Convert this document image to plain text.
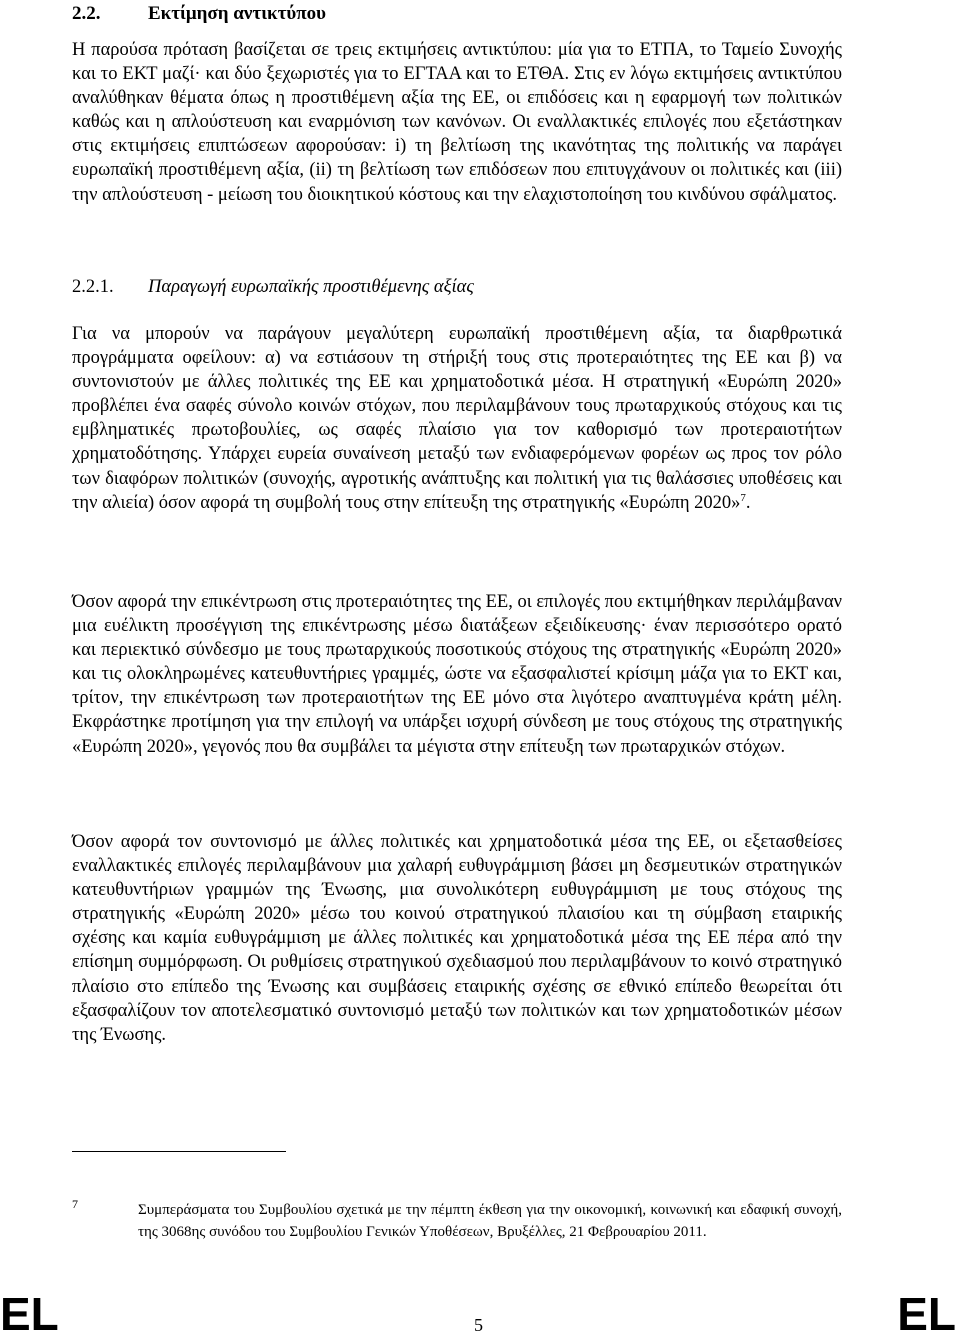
2.2.	Εκτίμηση αντικτύπου

Η παρούσα πρόταση βασίζεται σε τρεις εκτιμήσεις αντικτύπου: μία για το ΕΤΠΑ, το Ταμείο Συνοχής και το ΕΚΤ μαζί· και δύο ξεχωριστές για το ΕΓΤΑΑ και το ΕΤΘΑ. Στις εν λόγω εκτιμήσεις αντικτύπου αναλύθηκαν θέματα όπως η προστιθέμενη αξία της ΕΕ, οι επιδόσεις και η εφαρμογή των πολιτικών καθώς και η απλούστευση και εναρμόνιση των κανόνων. Οι εναλλακτικές επιλογές που εξετάστηκαν στις εκτιμήσεις επιπτώσεων αφορούσαν: i) τη βελτίωση της ικανότητας της πολιτικής να παράγει ευρωπαϊκή προστιθέμενη αξία, (ii) τη βελτίωση των επιδόσεων που επιτυγχάνουν οι πολιτικές και (iii) την απλούστευση - μείωση του διοικητικού κόστους και την ελαχιστοποίηση του κινδύνου σφάλματος.

2.2.1. Παραγωγή ευρωπαϊκής προστιθέμενης αξίας

Για να μπορούν να παράγουν μεγαλύτερη ευρωπαϊκή προστιθέμενη αξία, τα διαρθρωτικά προγράμματα οφείλουν: α) να εστιάσουν τη στήριξή τους στις προτεραιότητες της ΕΕ και β) να συντονιστούν με άλλες πολιτικές της ΕΕ και χρηματοδοτικά μέσα. Η στρατηγική «Ευρώπη 2020» προβλέπει ένα σαφές σύνολο κοινών στόχων, που περιλαμβάνουν τους πρωταρχικούς στόχους και τις εμβληματικές πρωτοβουλίες, ως σαφές πλαίσιο για τον καθορισμό των προτεραιοτήτων χρηματοδότησης. Υπάρχει ευρεία συναίνεση μεταξύ των ενδιαφερόμενων φορέων ως προς τον ρόλο των διαφόρων πολιτικών (συνοχής, αγροτικής ανάπτυξης και πολιτική για τις θαλάσσιες υποθέσεις και την αλιεία) όσον αφορά τη συμβολή τους στην επίτευξη της στρατηγικής «Ευρώπη 2020»$^7$.

Όσον αφορά την επικέντρωση στις προτεραιότητες της ΕΕ, οι επιλογές που εκτιμήθηκαν περιλάμβαναν μια ευέλικτη προσέγγιση της επικέντρωσης μέσω διατάξεων εξειδίκευσης· έναν περισσότερο ορατό και περιεκτικό σύνδεσμο με τους πρωταρχικούς ποσοτικούς στόχους της στρατηγικής «Ευρώπη 2020» και τις ολοκληρωμένες κατευθυντήριες γραμμές, ώστε να εξασφαλιστεί κρίσιμη μάζα για το ΕΚΤ και, τρίτον, την επικέντρωση των προτεραιοτήτων της ΕΕ μόνο στα λιγότερο αναπτυγμένα κράτη μέλη. Εκφράστηκε προτίμηση για την επιλογή να υπάρξει ισχυρή σύνδεση με τους στόχους της στρατηγικής «Ευρώπη 2020», γεγονός που θα συμβάλει τα μέγιστα στην επίτευξη των πρωταρχικών στόχων.

Όσον αφορά τον συντονισμό με άλλες πολιτικές και χρηματοδοτικά μέσα της ΕΕ, οι εξετασθείσες εναλλακτικές επιλογές περιλαμβάνουν μια χαλαρή ευθυγράμμιση βάσει μη δεσμευτικών στρατηγικών κατευθυντήριων γραμμών της Ένωσης, μια συνολικότερη ευθυγράμμιση με τους στόχους της στρατηγικής «Ευρώπη 2020» μέσω του κοινού στρατηγικού πλαισίου και τη σύμβαση εταιρικής σχέσης και καμία ευθυγράμμιση με άλλες πολιτικές και χρηματοδοτικά μέσα της ΕΕ πέρα από την επίσημη συμμόρφωση. Οι ρυθμίσεις στρατηγικού σχεδιασμού που περιλαμβάνουν το κοινό στρατηγικό πλαίσιο στο επίπεδο της Ένωσης και συμβάσεις εταιρικής σχέσης σε εθνικό επίπεδο θεωρείται ότι εξασφαλίζουν τον αποτελεσματικό συντονισμό μεταξύ των πολιτικών και των χρηματοδοτικών μέσων της Ένωσης.

7	Συμπεράσματα του Συμβουλίου σχετικά με την πέμπτη έκθεση για την οικονομική, κοινωνική και εδαφική συνοχή, της 3068ης συνόδου του Συμβουλίου Γενικών Υποθέσεων, Βρυξέλλες, 21 Φεβρουαρίου 2011.

EL	5	EL
